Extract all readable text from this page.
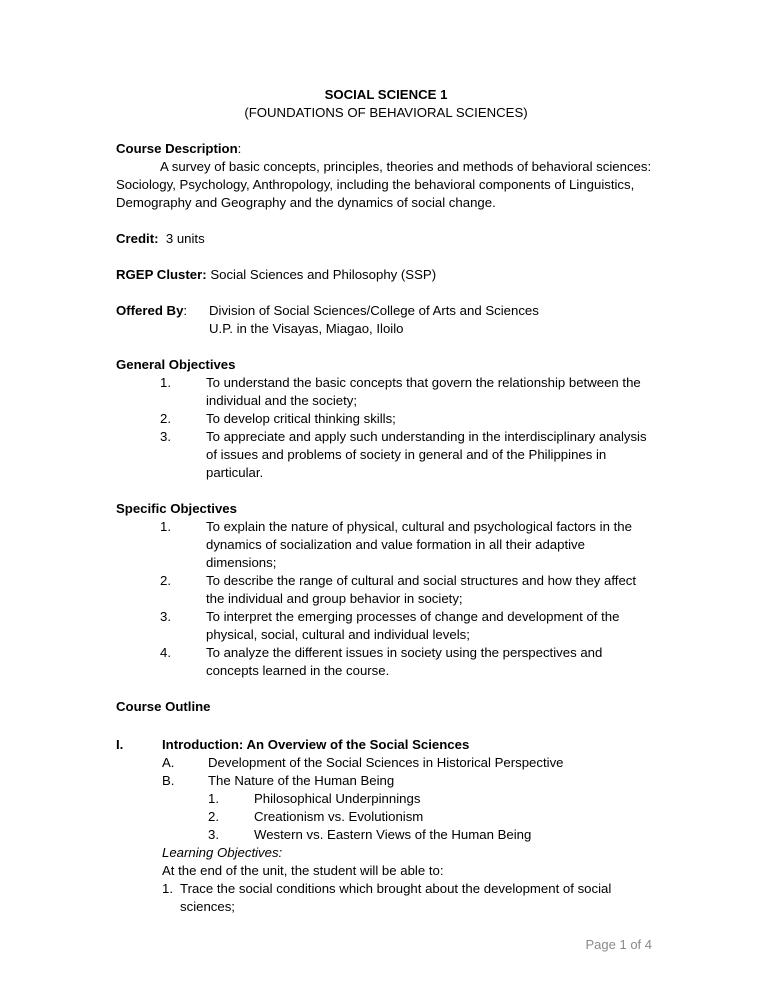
SOCIAL SCIENCE 1
(FOUNDATIONS OF BEHAVIORAL SCIENCES)
Course Description:
A survey of basic concepts, principles, theories and methods of behavioral sciences: Sociology, Psychology, Anthropology, including the behavioral components of Linguistics, Demography and Geography and the dynamics of social change.
Credit:
3 units
RGEP Cluster:
Social Sciences and Philosophy (SSP)
Offered By:	Division of Social Sciences/College of Arts and Sciences
U.P. in the Visayas, Miagao, Iloilo
General Objectives
1.	To understand the basic concepts that govern the relationship between the individual and the society;
2.	To develop critical thinking skills;
3.	To appreciate and apply such understanding in the interdisciplinary analysis of issues and problems of society in general and of the Philippines in particular.
Specific Objectives
1.	To explain the nature of physical, cultural and psychological factors in the dynamics of socialization and value formation in all their adaptive dimensions;
2.	To describe the range of cultural and social structures and how they affect the individual and group behavior in society;
3.	To interpret the emerging processes of change and development of the physical, social, cultural and individual levels;
4.	To analyze the different issues in society using the perspectives and concepts learned in the course.
Course Outline
I.	Introduction: An Overview of the Social Sciences
A.	Development of the Social Sciences in Historical Perspective
B.	The Nature of the Human Being
1.	Philosophical Underpinnings
2.	Creationism vs. Evolutionism
3.	Western vs. Eastern Views of the Human Being
Learning Objectives:
At the end of the unit, the student will be able to:
1. Trace the social conditions which brought about the development of social sciences;
Page 1 of 4
